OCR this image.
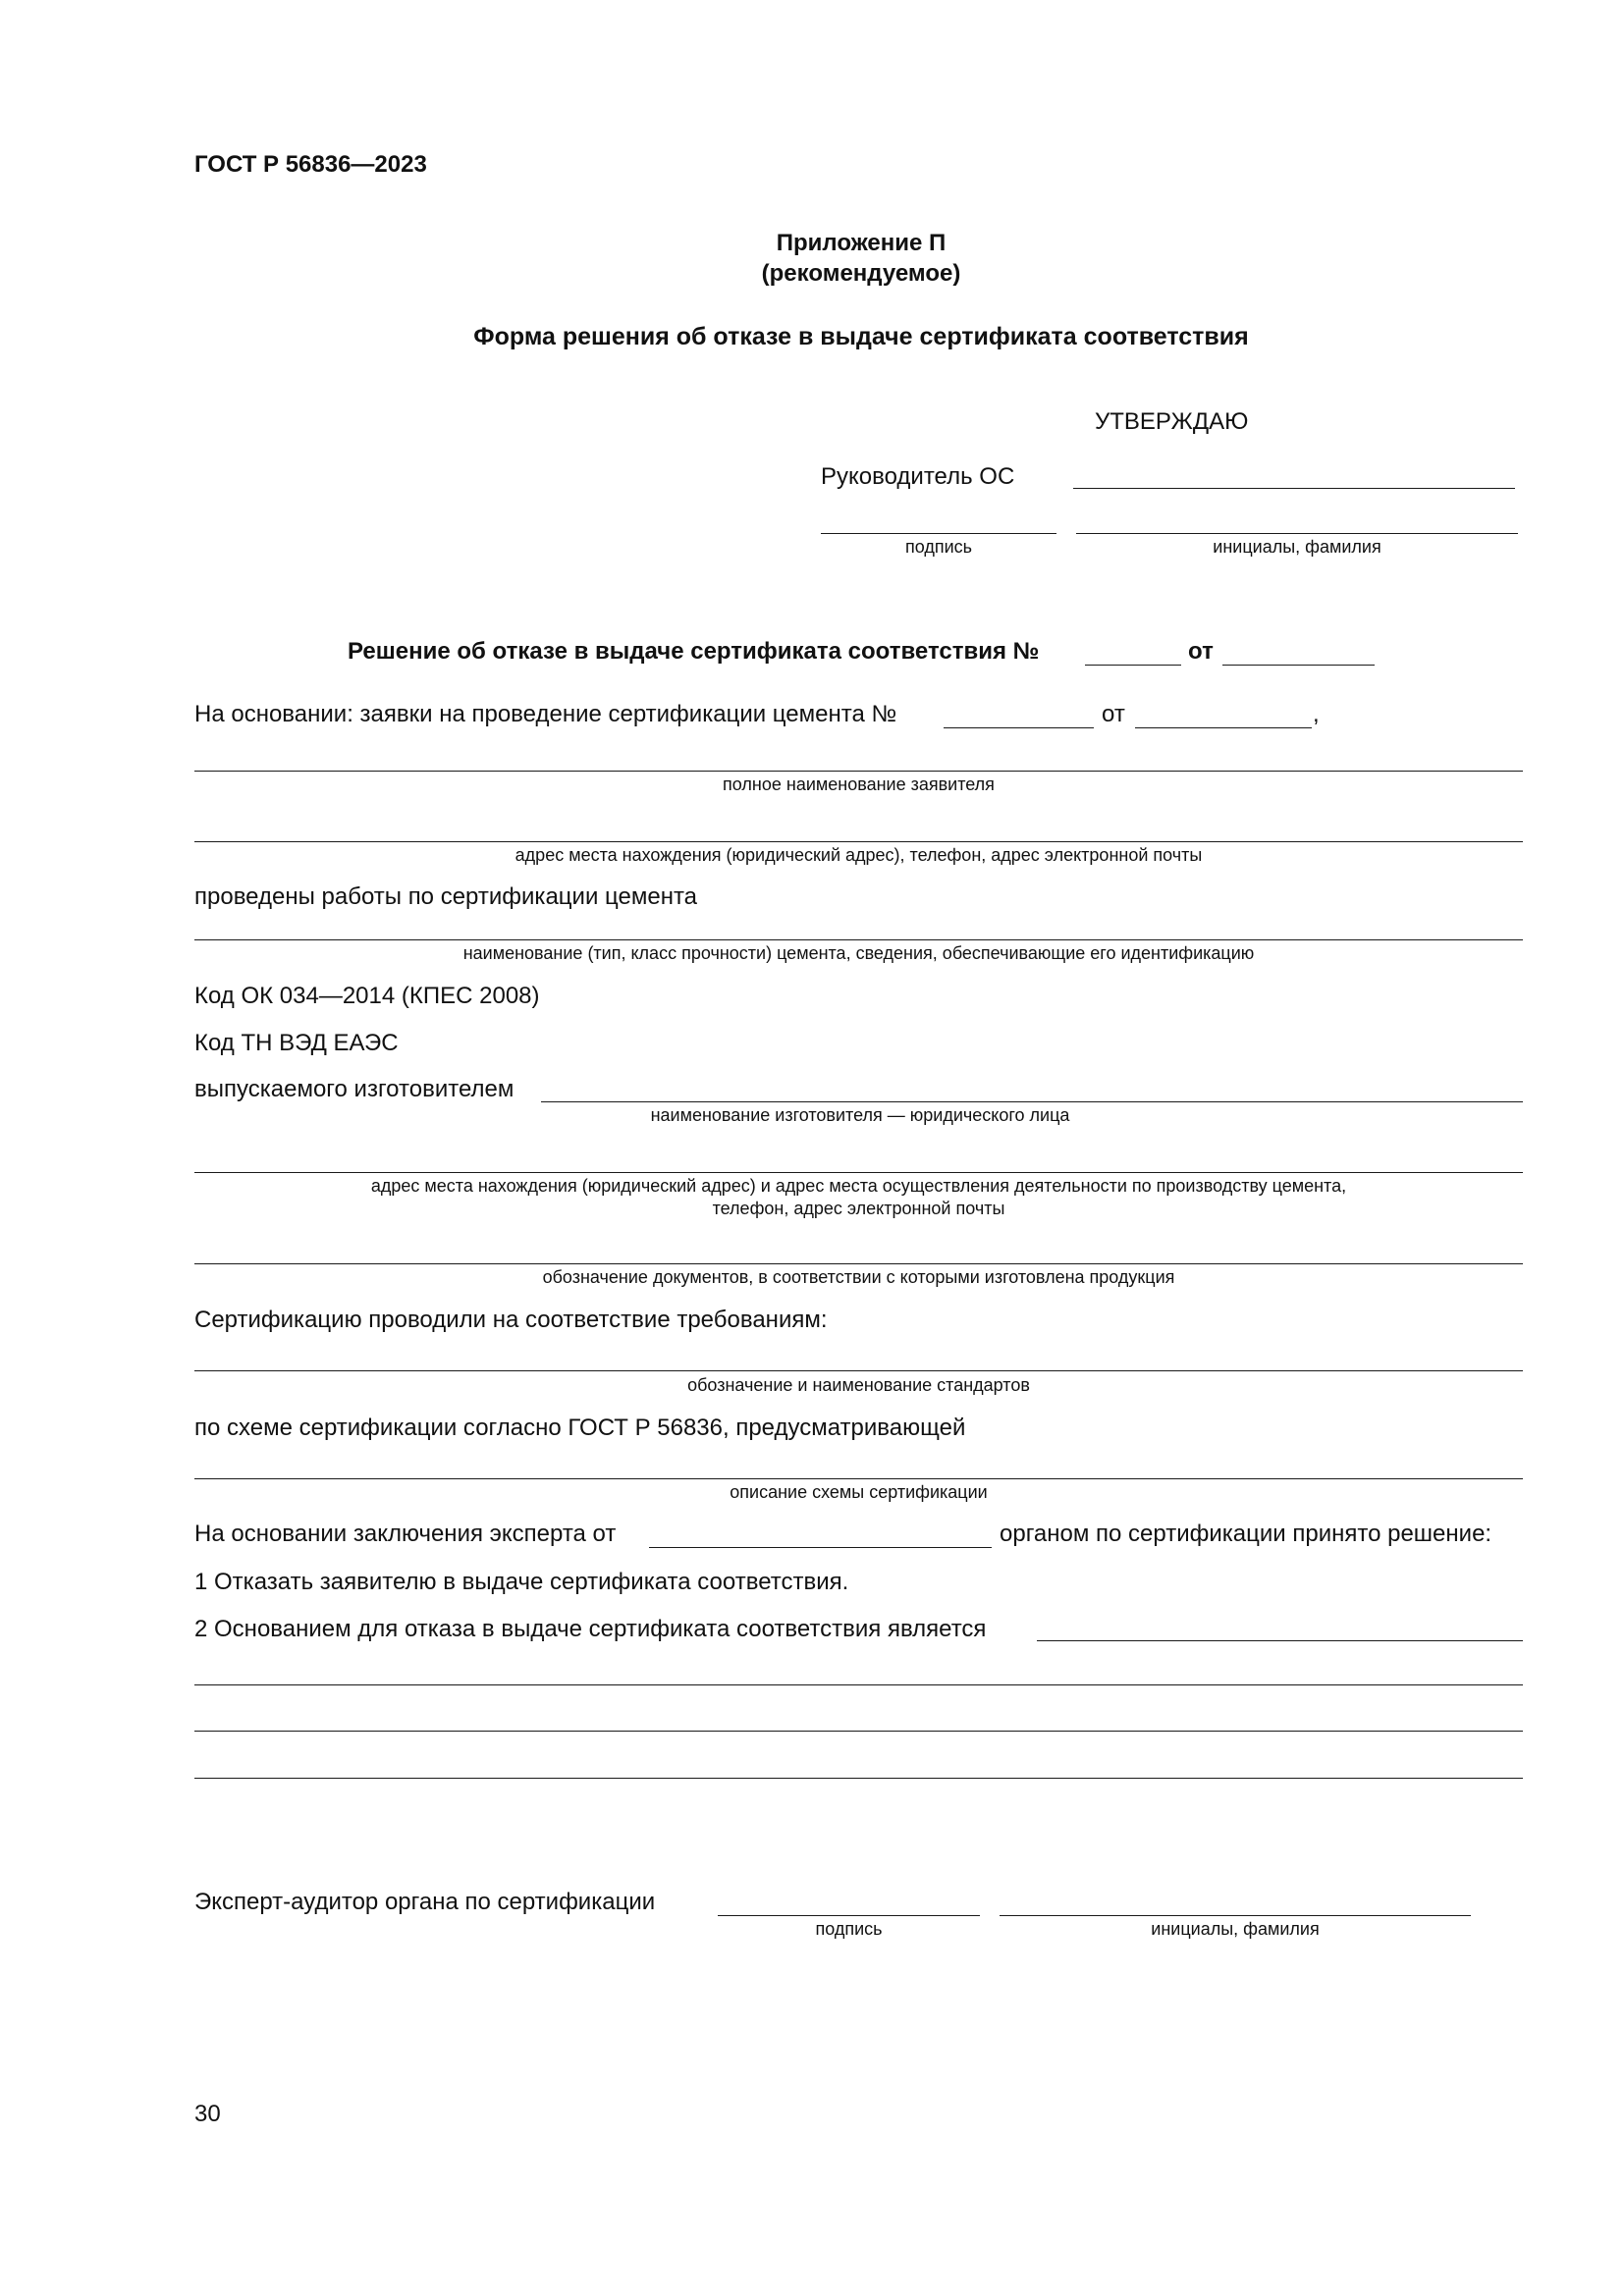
ГОСТ Р 56836—2023
Приложение П
(рекомендуемое)
Форма решения об отказе в выдаче сертификата соответствия
УТВЕРЖДАЮ
Руководитель ОС
подпись	инициалы, фамилия
Решение об отказе в выдаче сертификата соответствия №	от
На основании: заявки на проведение сертификации цемента №	от	,
полное наименование заявителя
адрес места нахождения (юридический адрес), телефон, адрес электронной почты
проведены работы по сертификации цемента
наименование (тип, класс прочности) цемента, сведения, обеспечивающие его идентификацию
Код ОК 034—2014 (КПЕС 2008)
Код ТН ВЭД ЕАЭС
выпускаемого изготовителем
наименование изготовителя — юридического лица
адрес места нахождения (юридический адрес) и адрес места осуществления деятельности по производству цемента,
телефон, адрес электронной почты
обозначение документов, в соответствии с которыми изготовлена продукция
Сертификацию проводили на соответствие требованиям:
обозначение и наименование стандартов
по схеме сертификации согласно ГОСТ Р 56836, предусматривающей
описание схемы сертификации
На основании заключения эксперта от	органом по сертификации принято решение:
1 Отказать заявителю в выдаче сертификата соответствия.
2 Основанием для отказа в выдаче сертификата соответствия является
Эксперт-аудитор органа по сертификации
подпись	инициалы, фамилия
30
